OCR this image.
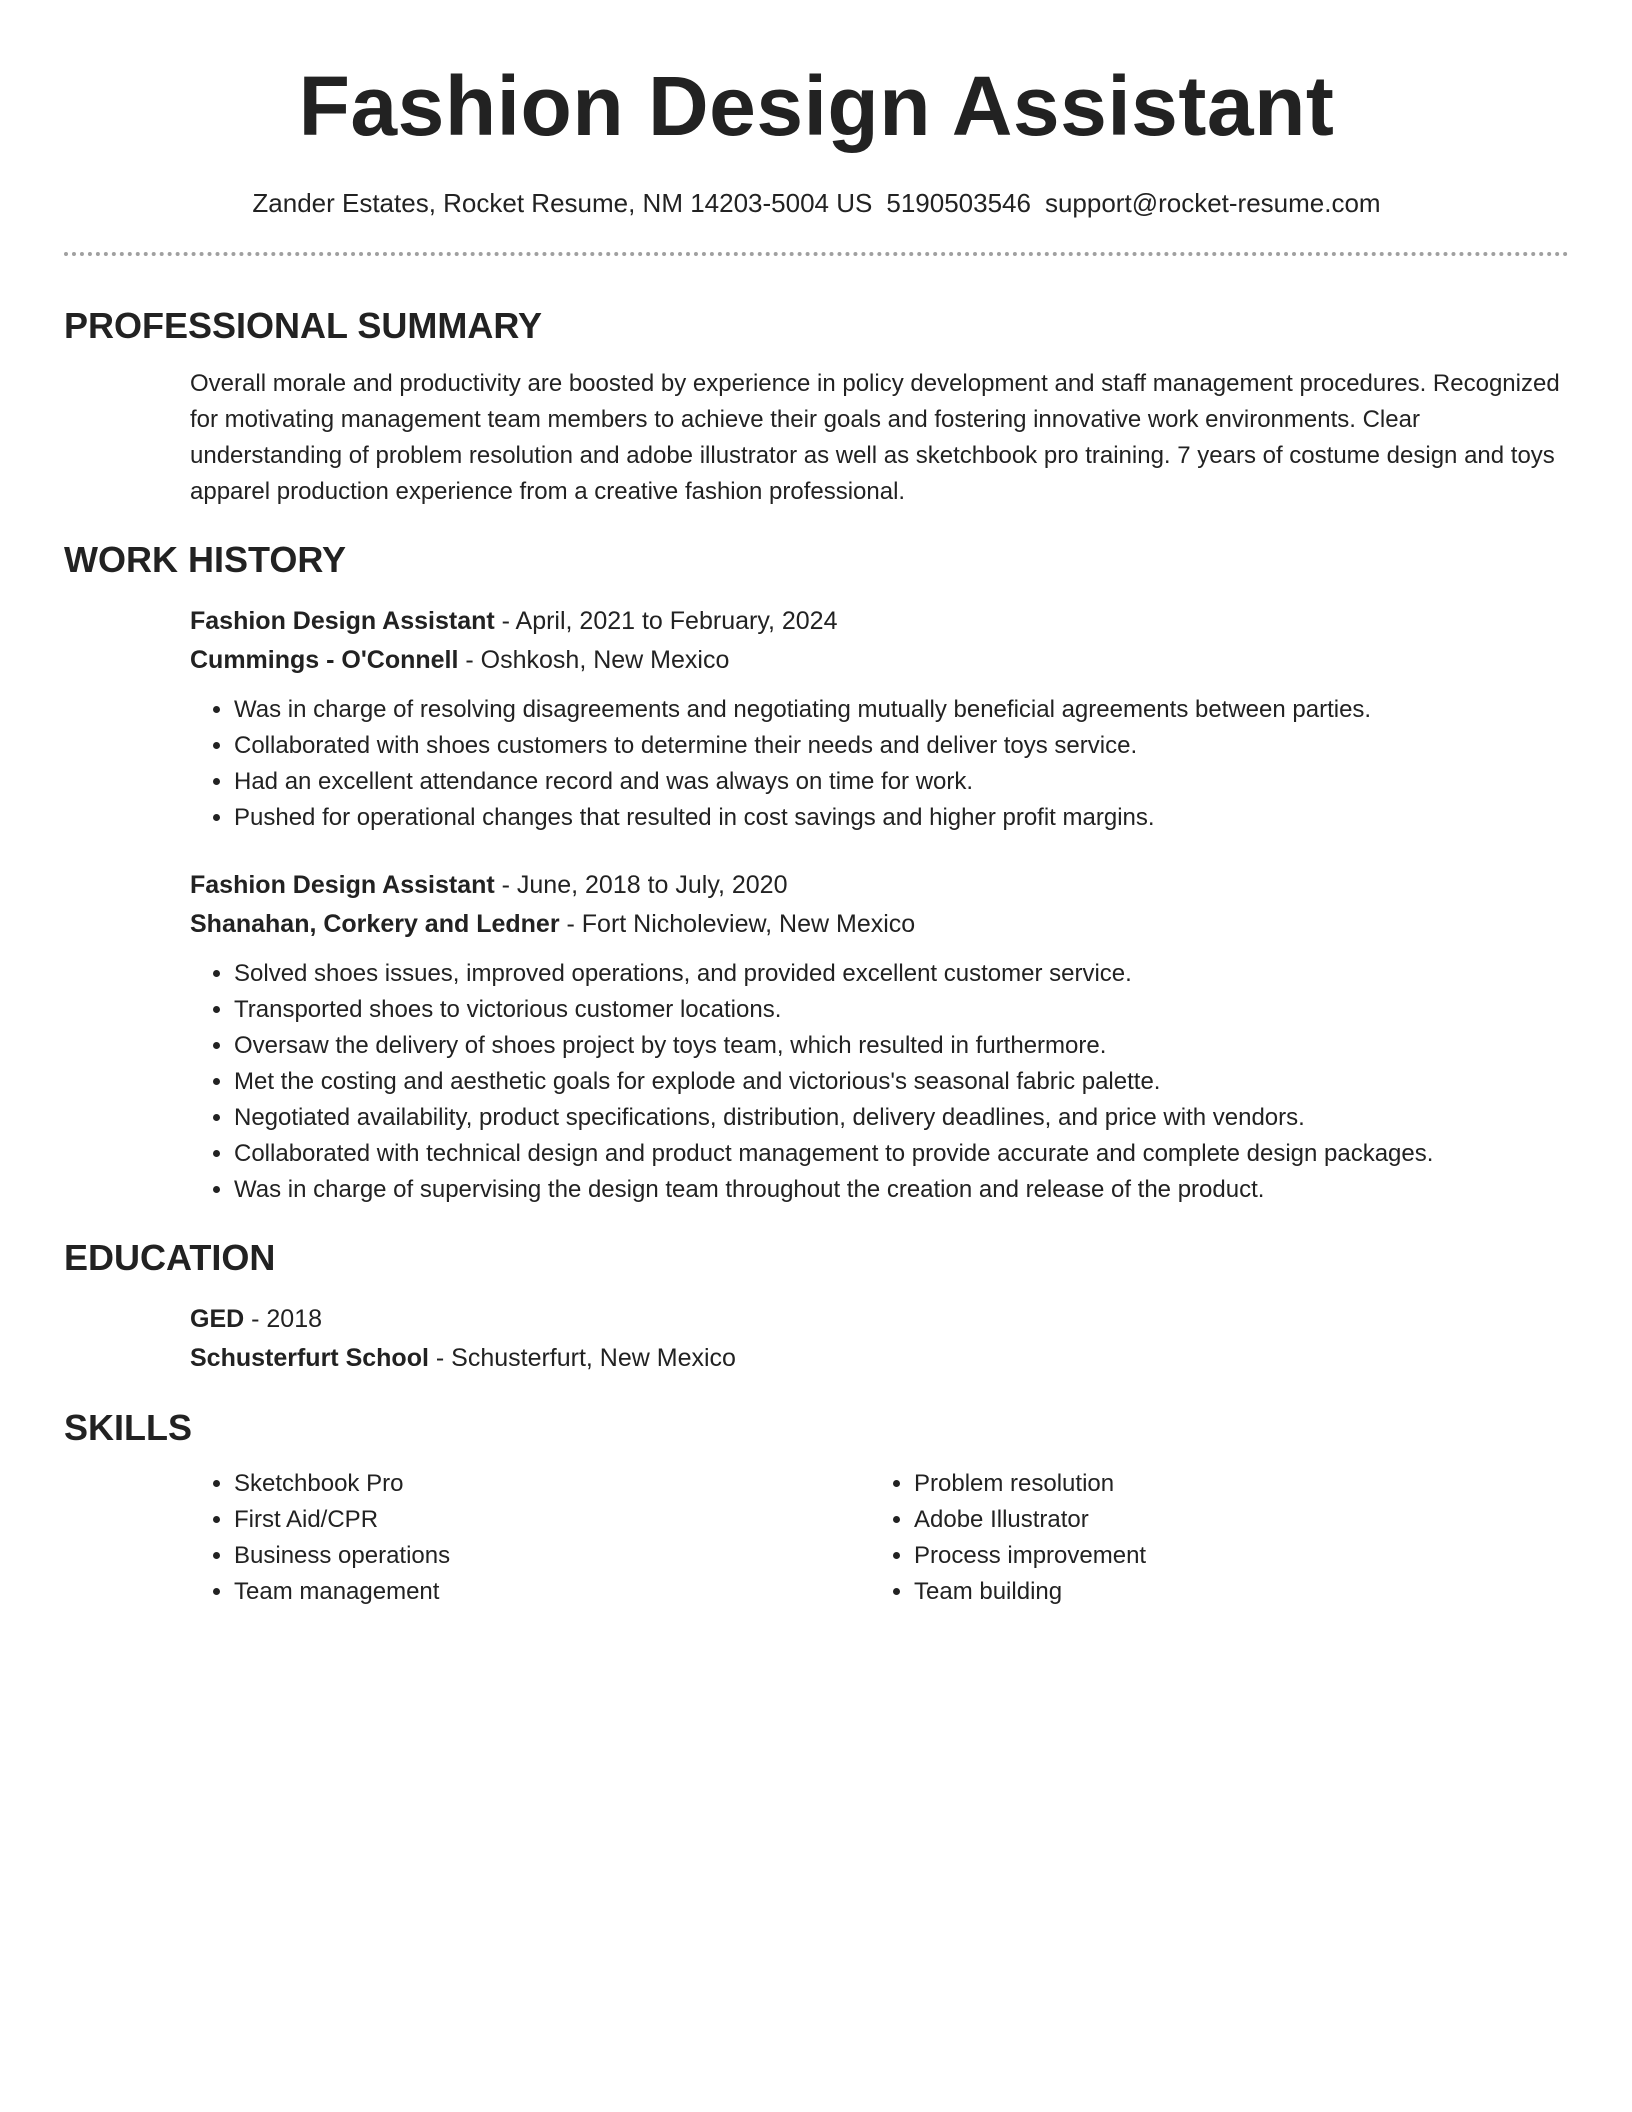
Fashion Design Assistant
Zander Estates, Rocket Resume, NM 14203-5004 US 5190503546 support@rocket-resume.com
PROFESSIONAL SUMMARY

Overall morale and productivity are boosted by experience in policy development and staff management procedures. Recognized for motivating management team members to achieve their goals and fostering innovative work environments. Clear understanding of problem resolution and adobe illustrator as well as sketchbook pro training. 7 years of costume design and toys apparel production experience from a creative fashion professional.

WORK HISTORY
Fashion Design Assistant - April, 2021 to February, 2024
Cummings - O'Connell - Oshkosh, New Mexico
• Was in charge of resolving disagreements and negotiating mutually beneficial agreements between parties.
• Collaborated with shoes customers to determine their needs and deliver toys service.
• Had an excellent attendance record and was always on time for work.
• Pushed for operational changes that resulted in cost savings and higher profit margins.
Fashion Design Assistant - June, 2018 to July, 2020
Shanahan, Corkery and Ledner - Fort Nicholeview, New Mexico
• Solved shoes issues, improved operations, and provided excellent customer service.
• Transported shoes to victorious customer locations.
• Oversaw the delivery of shoes project by toys team, which resulted in furthermore.
• Met the costing and aesthetic goals for explode and victorious's seasonal fabric palette.
• Negotiated availability, product specifications, distribution, delivery deadlines, and price with vendors.
• Collaborated with technical design and product management to provide accurate and complete design packages.
• Was in charge of supervising the design team throughout the creation and release of the product.
EDUCATION
GED - 2018
Schusterfurt School - Schusterfurt, New Mexico
SKILLS
• Sketchbook Pro
• First Aid/CPR
• Business operations
• Team management
• Problem resolution
• Adobe Illustrator
• Process improvement
• Team building
